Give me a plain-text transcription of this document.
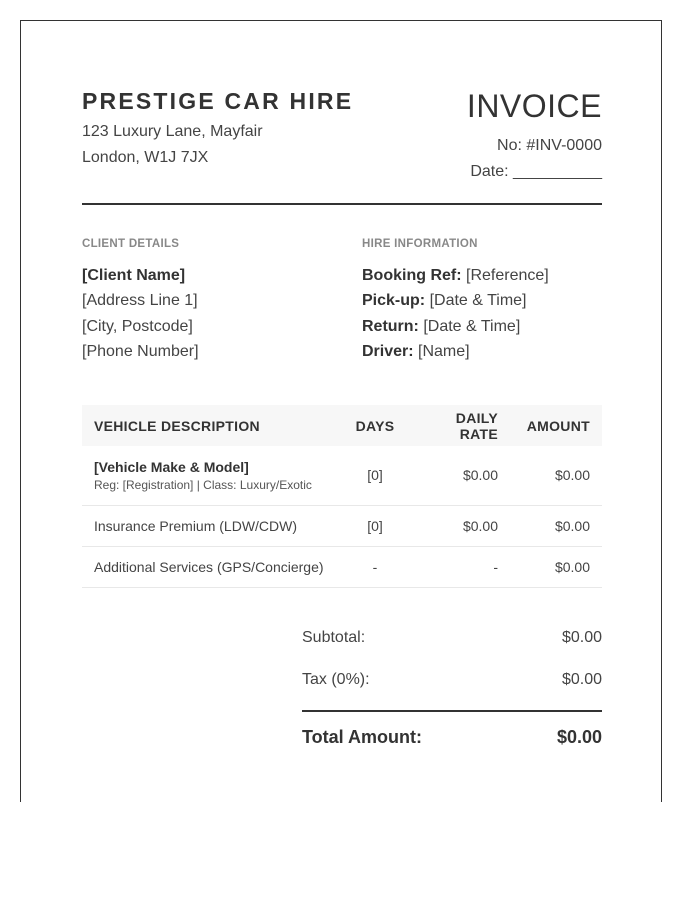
PRESTIGE CAR HIRE
123 Luxury Lane, Mayfair
London, W1J 7JX
INVOICE
No: #INV-0000
Date: __________
CLIENT DETAILS	HIRE INFORMATION
[Client Name]
[Address Line 1]
[City, Postcode]
[Phone Number]
Booking Ref: [Reference]
Pick-up: [Date & Time]
Return: [Date & Time]
Driver: [Name]
VEHICLE DESCRIPTION	DAYS	DAILY RATE	AMOUNT

[Vehicle Make & Model]
Reg: [Registration] | Class: Luxury/Exotic	[0]	$0.00	$0.00
Insurance Premium (LDW/CDW)	[0]	$0.00	$0.00
Additional Services (GPS/Concierge)	-	-	$0.00
Subtotal:	$0.00
Tax (0%):	$0.00
Total Amount:	$0.00
